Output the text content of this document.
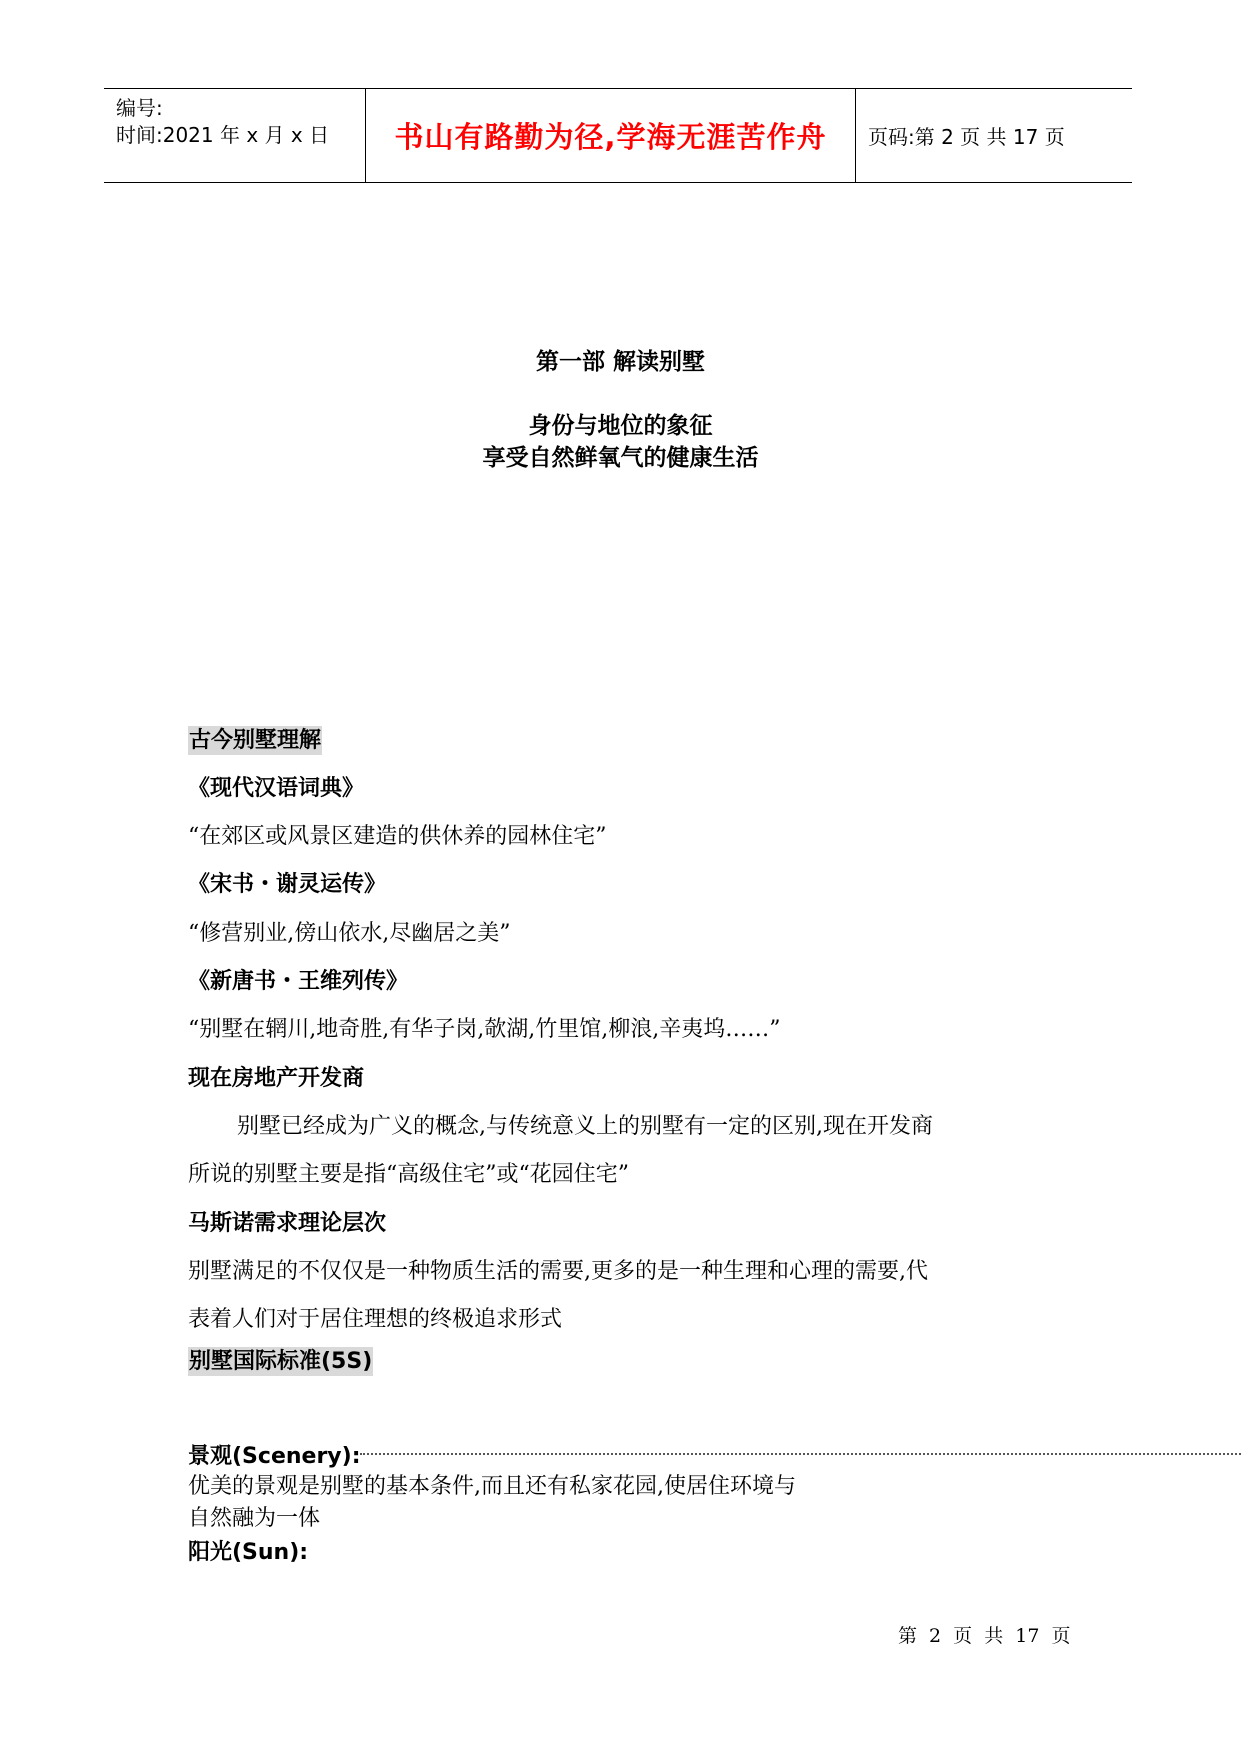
编号:
时间:2021 年 x 月 x 日 书山有路勤为径,学海无涯苦作舟 页码:第 2 页 共 17 页
第一部 解读别墅
身份与地位的象征
享受自然鲜氧气的健康生活
古今别墅理解
《现代汉语词典》
“在郊区或风景区建造的供休养的园林住宅”
《宋书・谢灵运传》
“修营别业,傍山依水,尽幽居之美”
《新唐书・王维列传》
“别墅在辋川,地奇胜,有华子岗,欹湖,竹里馆,柳浪,辛夷坞……”
现在房地产开发商
别墅已经成为广义的概念,与传统意义上的别墅有一定的区别,现在开发商
所说的别墅主要是指“高级住宅”或“花园住宅”
马斯诺需求理论层次
别墅满足的不仅仅是一种物质生活的需要,更多的是一种生理和心理的需要,代
表着人们对于居住理想的终极追求形式
别墅国际标准(5S)
景观(Scenery):
优美的景观是别墅的基本条件,而且还有私家花园,使居住环境与
自然融为一体
阳光(Sun):
第 2 页 共 17 页
